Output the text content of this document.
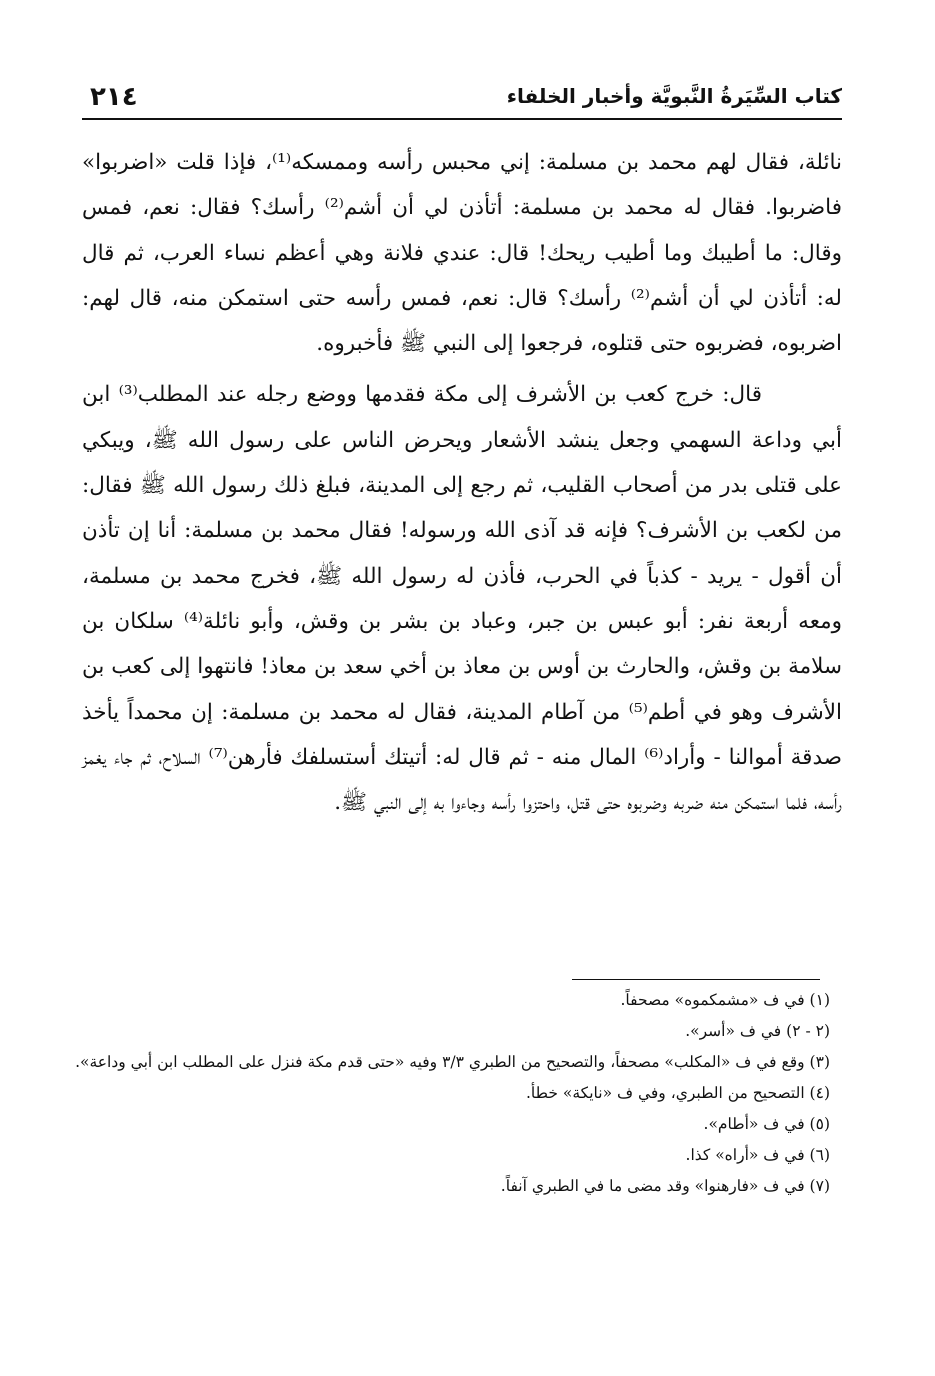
٢١٤	كتاب السِّيَرةُ النَّبويَّة وأخبار الخلفاء

نائلة، فقال لهم محمد بن مسلمة: إني محبس رأسه وممسكه⁽¹⁾، فإذا قلت «اضربوا» فاضربوا. فقال له محمد بن مسلمة: أتأذن لي أن أشم⁽²⁾ رأسك؟ فقال: نعم، فمس وقال: ما أطيبك وما أطيب ريحك! قال: عندي فلانة وهي أعظم نساء العرب، ثم قال له: أتأذن لي أن أشم⁽²⁾ رأسك؟ قال: نعم، فمس رأسه حتى استمكن منه، قال لهم: اضربوه، فضربوه حتى قتلوه، فرجعوا إلى النبي ﷺ فأخبروه.

قال: خرج كعب بن الأشرف إلى مكة فقدمها ووضع رجله عند المطلب⁽³⁾ ابن أبي وداعة السهمي وجعل ينشد الأشعار ويحرض الناس على رسول الله ﷺ، ويبكي على قتلى بدر من أصحاب القليب، ثم رجع إلى المدينة، فبلغ ذلك رسول الله ﷺ فقال: من لكعب بن الأشرف؟ فإنه قد آذى الله ورسوله! فقال محمد بن مسلمة: أنا إن تأذن أن أقول - يريد - كذباً في الحرب، فأذن له رسول الله ﷺ، فخرج محمد بن مسلمة، ومعه أربعة نفر: أبو عبس بن جبر، وعباد بن بشر بن وقش، وأبو نائلة⁽⁴⁾ سلكان بن سلامة بن وقش، والحارث بن أوس بن معاذ بن أخي سعد بن معاذ! فانتهوا إلى كعب بن الأشرف وهو في أطم⁽⁵⁾ من آطام المدينة، فقال له محمد بن مسلمة: إن محمداً يأخذ صدقة أموالنا - وأراد⁽⁶⁾ المال منه - ثم قال له: أتيتك أستسلفك فأرهن⁽⁷⁾ السلاح، ثم جاء يغمز رأسه، فلما استمكن منه ضربه وضربوه حتى قتل، واحتزوا رأسه وجاءوا به إلى النبي ﷺ.

(١) في ف «مشمكموه» مصحفاً.

(٢ - ٢) في ف «أسر».

(٣) وقع في ف «المكلب» مصحفاً، والتصحيح من الطبري ٣/٣ وفيه «حتى قدم مكة فنزل على المطلب ابن أبي وداعة».

(٤) التصحيح من الطبري، وفي ف «نايكة» خطأ.

(٥) في ف «أطام».

(٦) في ف «أراه» كذا.

(٧) في ف «فارهنوا» وقد مضى ما في الطبري آنفاً.
